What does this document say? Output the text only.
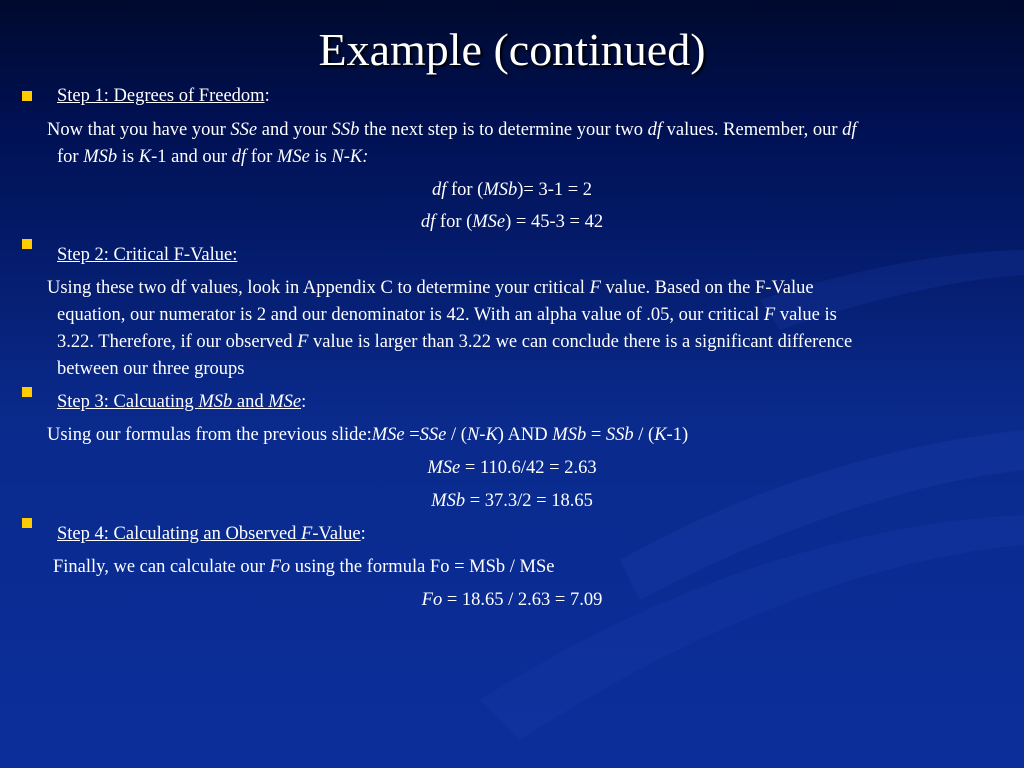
Example (continued)
Step 1: Degrees of Freedom:
Now that you have your SSe and your SSb the next step is to determine your two df values. Remember, our df
for MSb is K-1 and our df for MSe is N-K:
df for (MSb)= 3-1 = 2
df for (MSe) = 45-3 = 42
Step 2: Critical F-Value:
Using these two df values, look in Appendix C to determine your critical F value. Based on the F-Value
equation, our numerator is 2 and our denominator is 42. With an alpha value of .05, our critical F value is
3.22. Therefore, if our observed F value is larger than 3.22 we can conclude there is a significant difference
between our three groups
Step 3: Calcuating MSb and MSe:
Using our formulas from the previous slide:MSe =SSe / (N-K) AND MSb = SSb / (K-1)
MSe = 110.6/42 = 2.63
MSb = 37.3/2 = 18.65
Step 4: Calculating an Observed F-Value:
Finally, we can calculate our Fo using the formula Fo = MSb / MSe
Fo = 18.65 / 2.63 = 7.09
